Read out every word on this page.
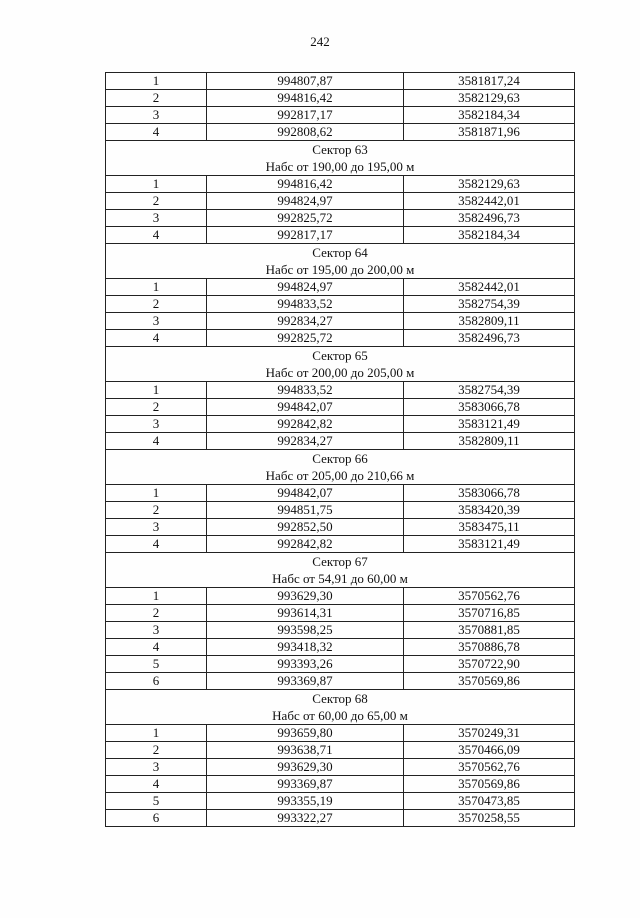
242
1	994807,87	3581817,24
2	994816,42	3582129,63
3	992817,17	3582184,34
4	992808,62	3581871,96

Сектор 63
Набс от 190,00 до 195,00 м		

1	994816,42	3582129,63
2	994824,97	3582442,01
3	992825,72	3582496,73
4	992817,17	3582184,34

Сектор 64
Набс от 195,00 до 200,00 м		

1	994824,97	3582442,01
2	994833,52	3582754,39
3	992834,27	3582809,11
4	992825,72	3582496,73

Сектор 65
Набс от 200,00 до 205,00 м		

1	994833,52	3582754,39
2	994842,07	3583066,78
3	992842,82	3583121,49
4	992834,27	3582809,11

Сектор 66
Набс от 205,00 до 210,66 м		

1	994842,07	3583066,78
2	994851,75	3583420,39
3	992852,50	3583475,11
4	992842,82	3583121,49

Сектор 67
Набс от 54,91 до 60,00 м		

1	993629,30	3570562,76
2	993614,31	3570716,85
3	993598,25	3570881,85
4	993418,32	3570886,78
5	993393,26	3570722,90
6	993369,87	3570569,86

Сектор 68
Набс от 60,00 до 65,00 м		

1	993659,80	3570249,31
2	993638,71	3570466,09
3	993629,30	3570562,76
4	993369,87	3570569,86
5	993355,19	3570473,85
6	993322,27	3570258,55
